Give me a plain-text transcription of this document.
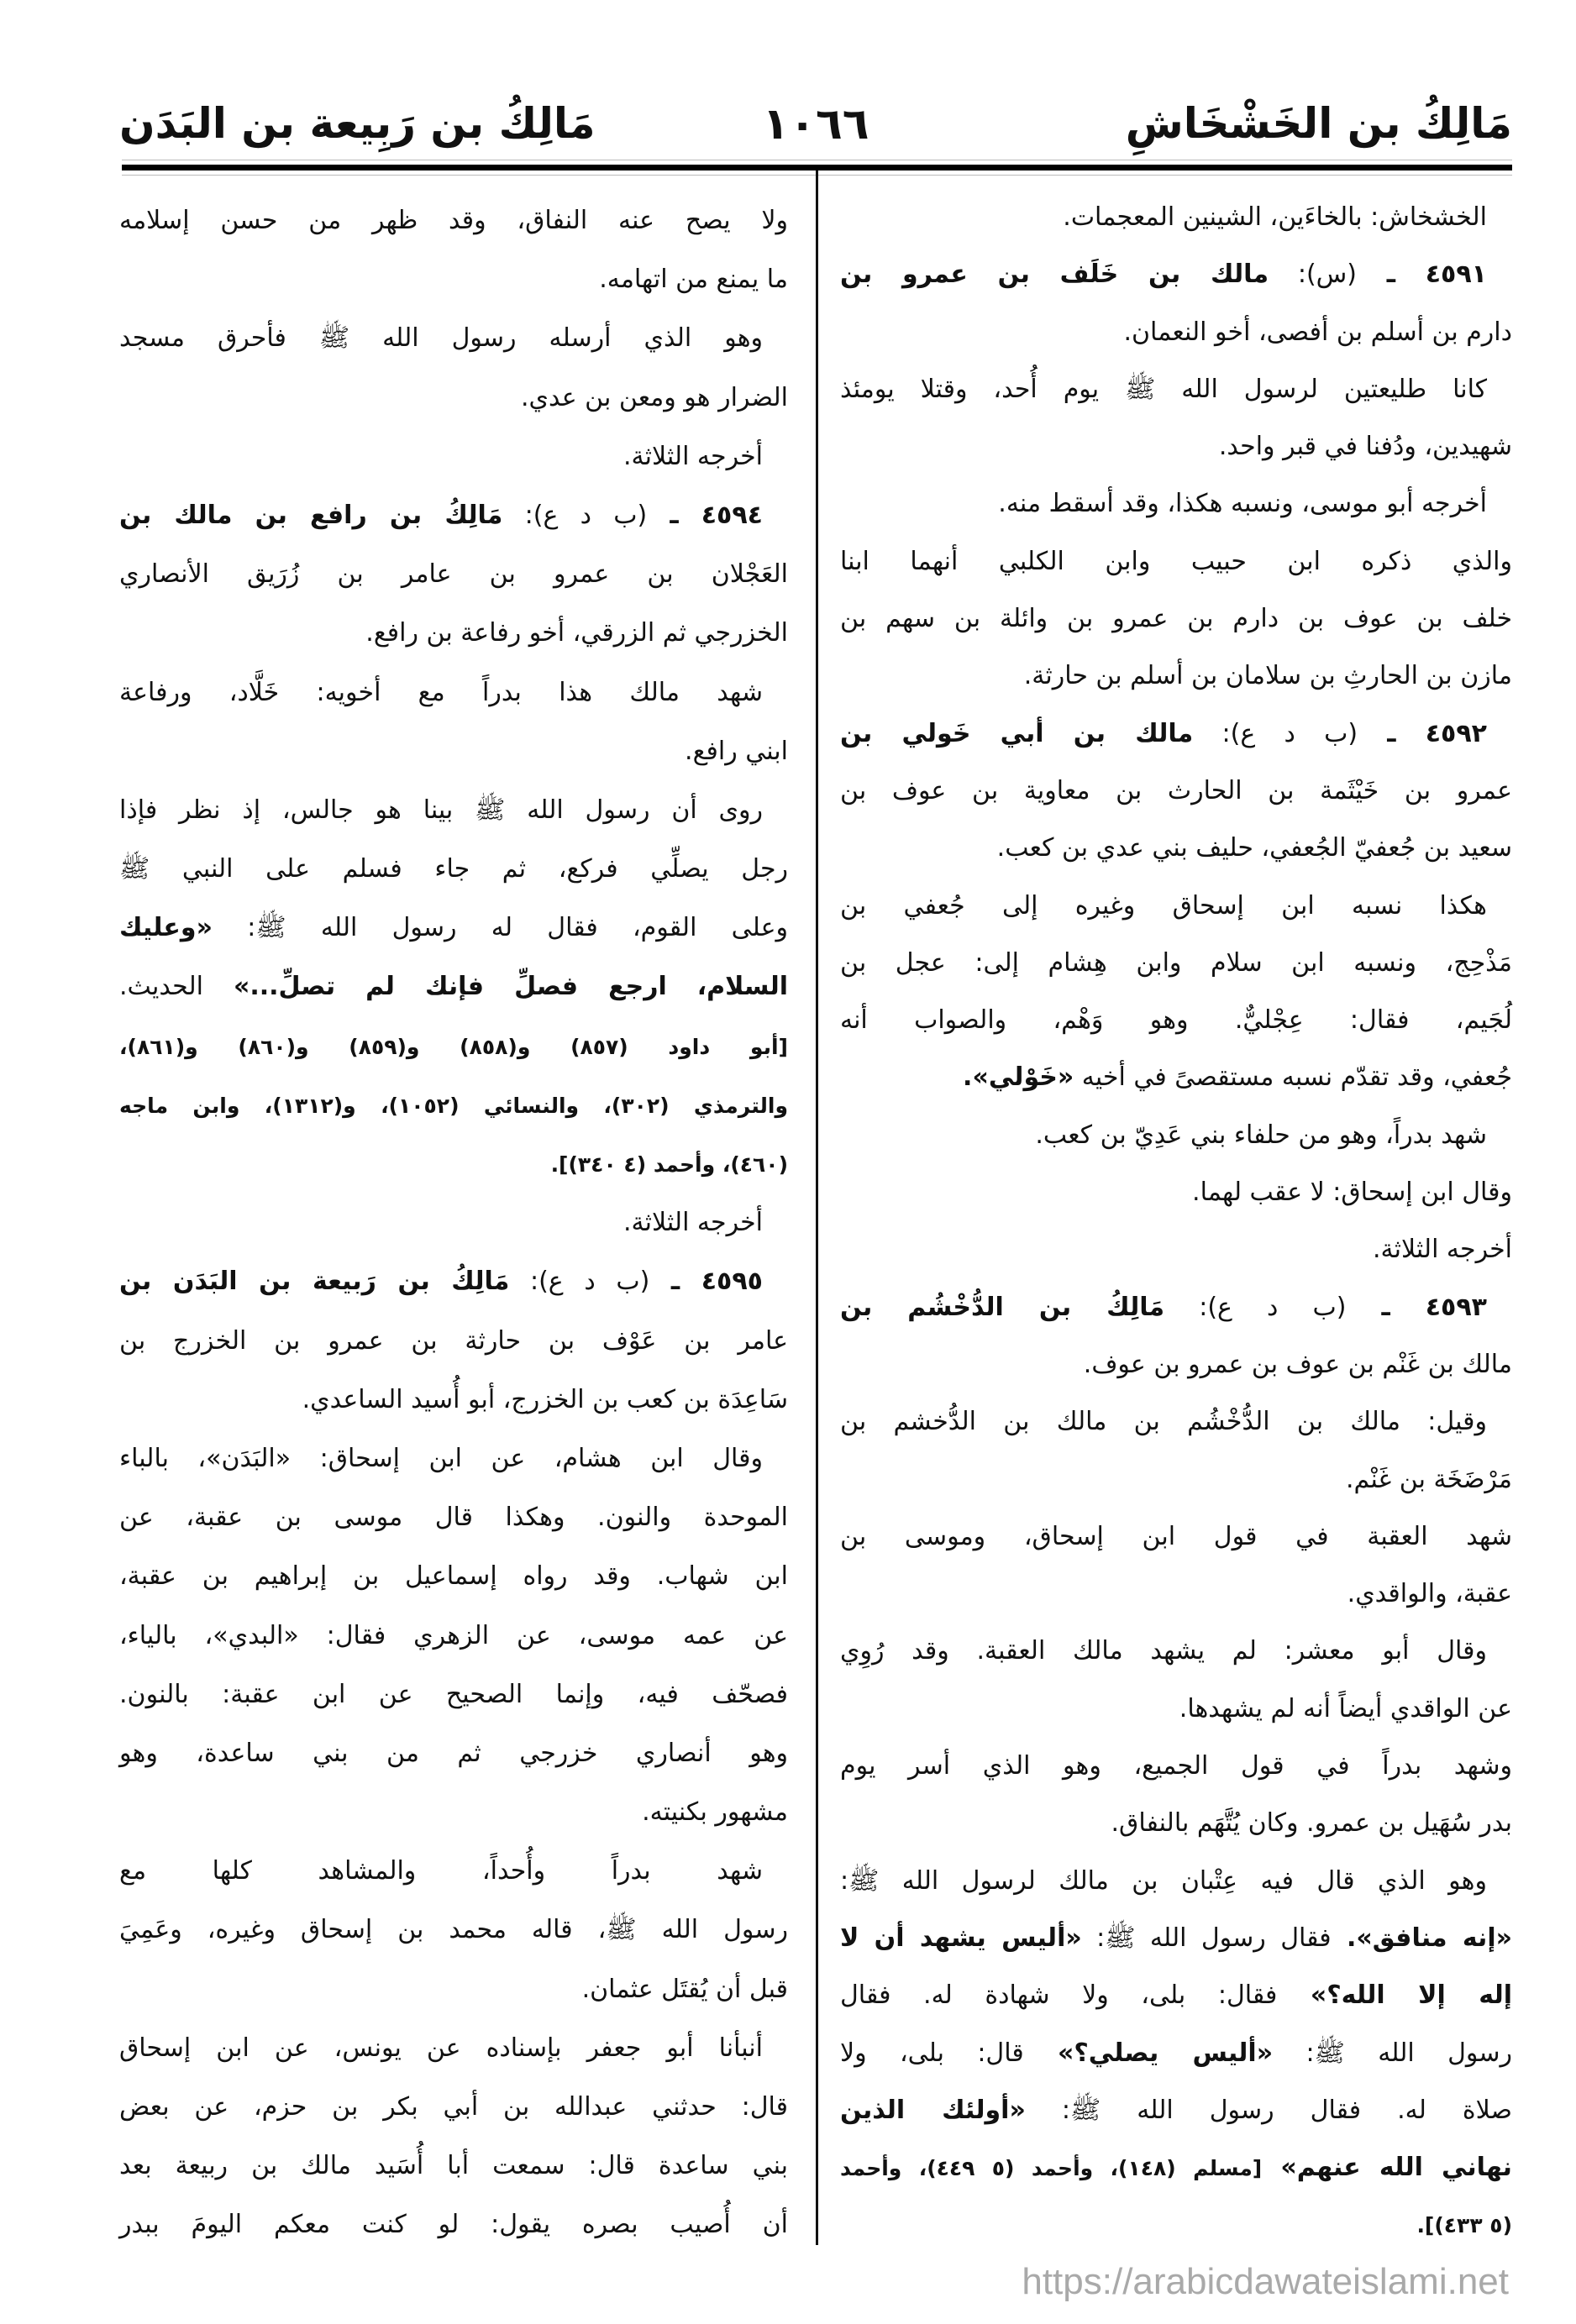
مَالِكُ بن الخَشْخَاشِ
١٠٦٦
مَالِكُ بن رَبِيعة بن البَدَن
الخشخاش: بالخاءَين، الشينين المعجمات.
٤٥٩١ ـ (س): مالك بن خَلَف بن عمرو بن
دارم بن أسلم بن أفصى، أخو النعمان.
كانا طليعتين لرسول الله ﷺ يوم أُحد، وقتلا يومئذ
شهيدين، ودُفنا في قبر واحد.
أخرجه أبو موسى، ونسبه هكذا، وقد أسقط منه.
والذي ذكره ابن حبيب وابن الكلبي أنهما ابنا
خلف بن عوف بن دارم بن عمرو بن وائلة بن سهم بن
مازن بن الحارثِ بن سلامان بن أسلم بن حارثة.
٤٥٩٢ ـ (ب د ع): مالك بن أبي خَولي بن
عمرو بن خَيْثَمة بن الحارث بن معاوية بن عوف بن
سعيد بن جُعفيّ الجُعفي، حليف بني عدي بن كعب.
هكذا نسبه ابن إسحاق وغيره إلى جُعفي بن
مَذْحِج، ونسبه ابن سلام وابن هِشام إلى: عجل بن
لُجَيم، فقال: عِجْليٌّ. وهو وَهْم، والصواب أنه
جُعفي، وقد تقدّم نسبه مستقصىً في أخيه «خَوْلي».
شهد بدراً، وهو من حلفاء بني عَدِيّ بن كعب.
وقال ابن إسحاق: لا عقب لهما.
أخرجه الثلاثة.
٤٥٩٣ ـ (ب د ع): مَالِكُ بن الدُّخْشُم بن
مالك بن غَنْم بن عوف بن عمرو بن عوف.
وقيل: مالك بن الدُّخْشُم بن مالك بن الدُّخشم بن
مَرْضَخَة بن غَنْم.
شهد العقبة في قول ابن إسحاق، وموسى بن
عقبة، والواقدي.
وقال أبو معشر: لم يشهد مالك العقبة. وقد رُوِي
عن الواقدي أيضاً أنه لم يشهدها.
وشهد بدراً في قول الجميع، وهو الذي أسر يوم
بدر سُهَيل بن عمرو. وكان يُتَّهَم بالنفاق.
وهو الذي قال فيه عِتْبان بن مالك لرسول الله ﷺ:
«إنه منافق». فقال رسول الله ﷺ: «أليس يشهد أن لا
إله إلا الله؟» فقال: بلى، ولا شهادة له. فقال
رسول الله ﷺ: «أليس يصلي؟» قال: بلى، ولا
صلاة له. فقال رسول الله ﷺ: «أولئك الذين
نهاني الله عنهم» [مسلم (١٤٨)، وأحمد (٥ ٤٤٩)، وأحمد
(٥ ٤٣٣)].
ولا يصح عنه النفاق، وقد ظهر من حسن إسلامه
ما يمنع من اتهامه.
وهو الذي أرسله رسول الله ﷺ فأحرق مسجد
الضرار هو ومعن بن عدي.
أخرجه الثلاثة.
٤٥٩٤ ـ (ب د ع): مَالِكُ بن رافع بن مالك بن
العَجْلان بن عمرو بن عامر بن زُرَيق الأنصاري
الخزرجي ثم الزرقي، أخو رفاعة بن رافع.
شهد مالك هذا بدراً مع أخويه: خَلَّاد، ورفاعة
ابني رافع.
روى أن رسول الله ﷺ بينا هو جالس، إذ نظر فإذا
رجل يصلِّي فركع، ثم جاء فسلم على النبي ﷺ
وعلى القوم، فقال له رسول الله ﷺ: «وعليك
السلام، ارجع فصلِّ فإنك لم تصلِّ...» الحديث.
[أبو داود (٨٥٧) و(٨٥٨) و(٨٥٩) و(٨٦٠) و(٨٦١)،
والترمذي (٣٠٢)، والنسائي (١٠٥٢)، و(١٣١٢)، وابن ماجه
(٤٦٠)، وأحمد (٤ ٣٤٠)].
أخرجه الثلاثة.
٤٥٩٥ ـ (ب د ع): مَالِكُ بن رَبيعة بن البَدَن بن
عامر بن عَوْف بن حارثة بن عمرو بن الخزرج بن
سَاعِدَة بن كعب بن الخزرج، أبو أُسيد الساعدي.
وقال ابن هشام، عن ابن إسحاق: «البَدَن»، بالباء
الموحدة والنون. وهكذا قال موسى بن عقبة، عن
ابن شهاب. وقد رواه إسماعيل بن إبراهيم بن عقبة،
عن عمه موسى، عن الزهري فقال: «البدي»، بالياء،
فصحّف فيه، وإنما الصحيح عن ابن عقبة: بالنون.
وهو أنصاري خزرجي ثم من بني ساعدة، وهو
مشهور بكنيته.
شهد بدراً وأُحداً، والمشاهد كلها مع
رسول الله ﷺ، قاله محمد بن إسحاق وغيره، وعَمِيَ
قبل أن يُقتَل عثمان.
أنبأنا أبو جعفر بإسناده عن يونس، عن ابن إسحاق
قال: حدثني عبدالله بن أبي بكر بن حزم، عن بعض
بني ساعدة قال: سمعت أبا أُسَيد مالك بن ربيعة بعد
أن أُصيب بصره يقول: لو كنت معكم اليومَ ببدر
https://arabicdawateislami.net
